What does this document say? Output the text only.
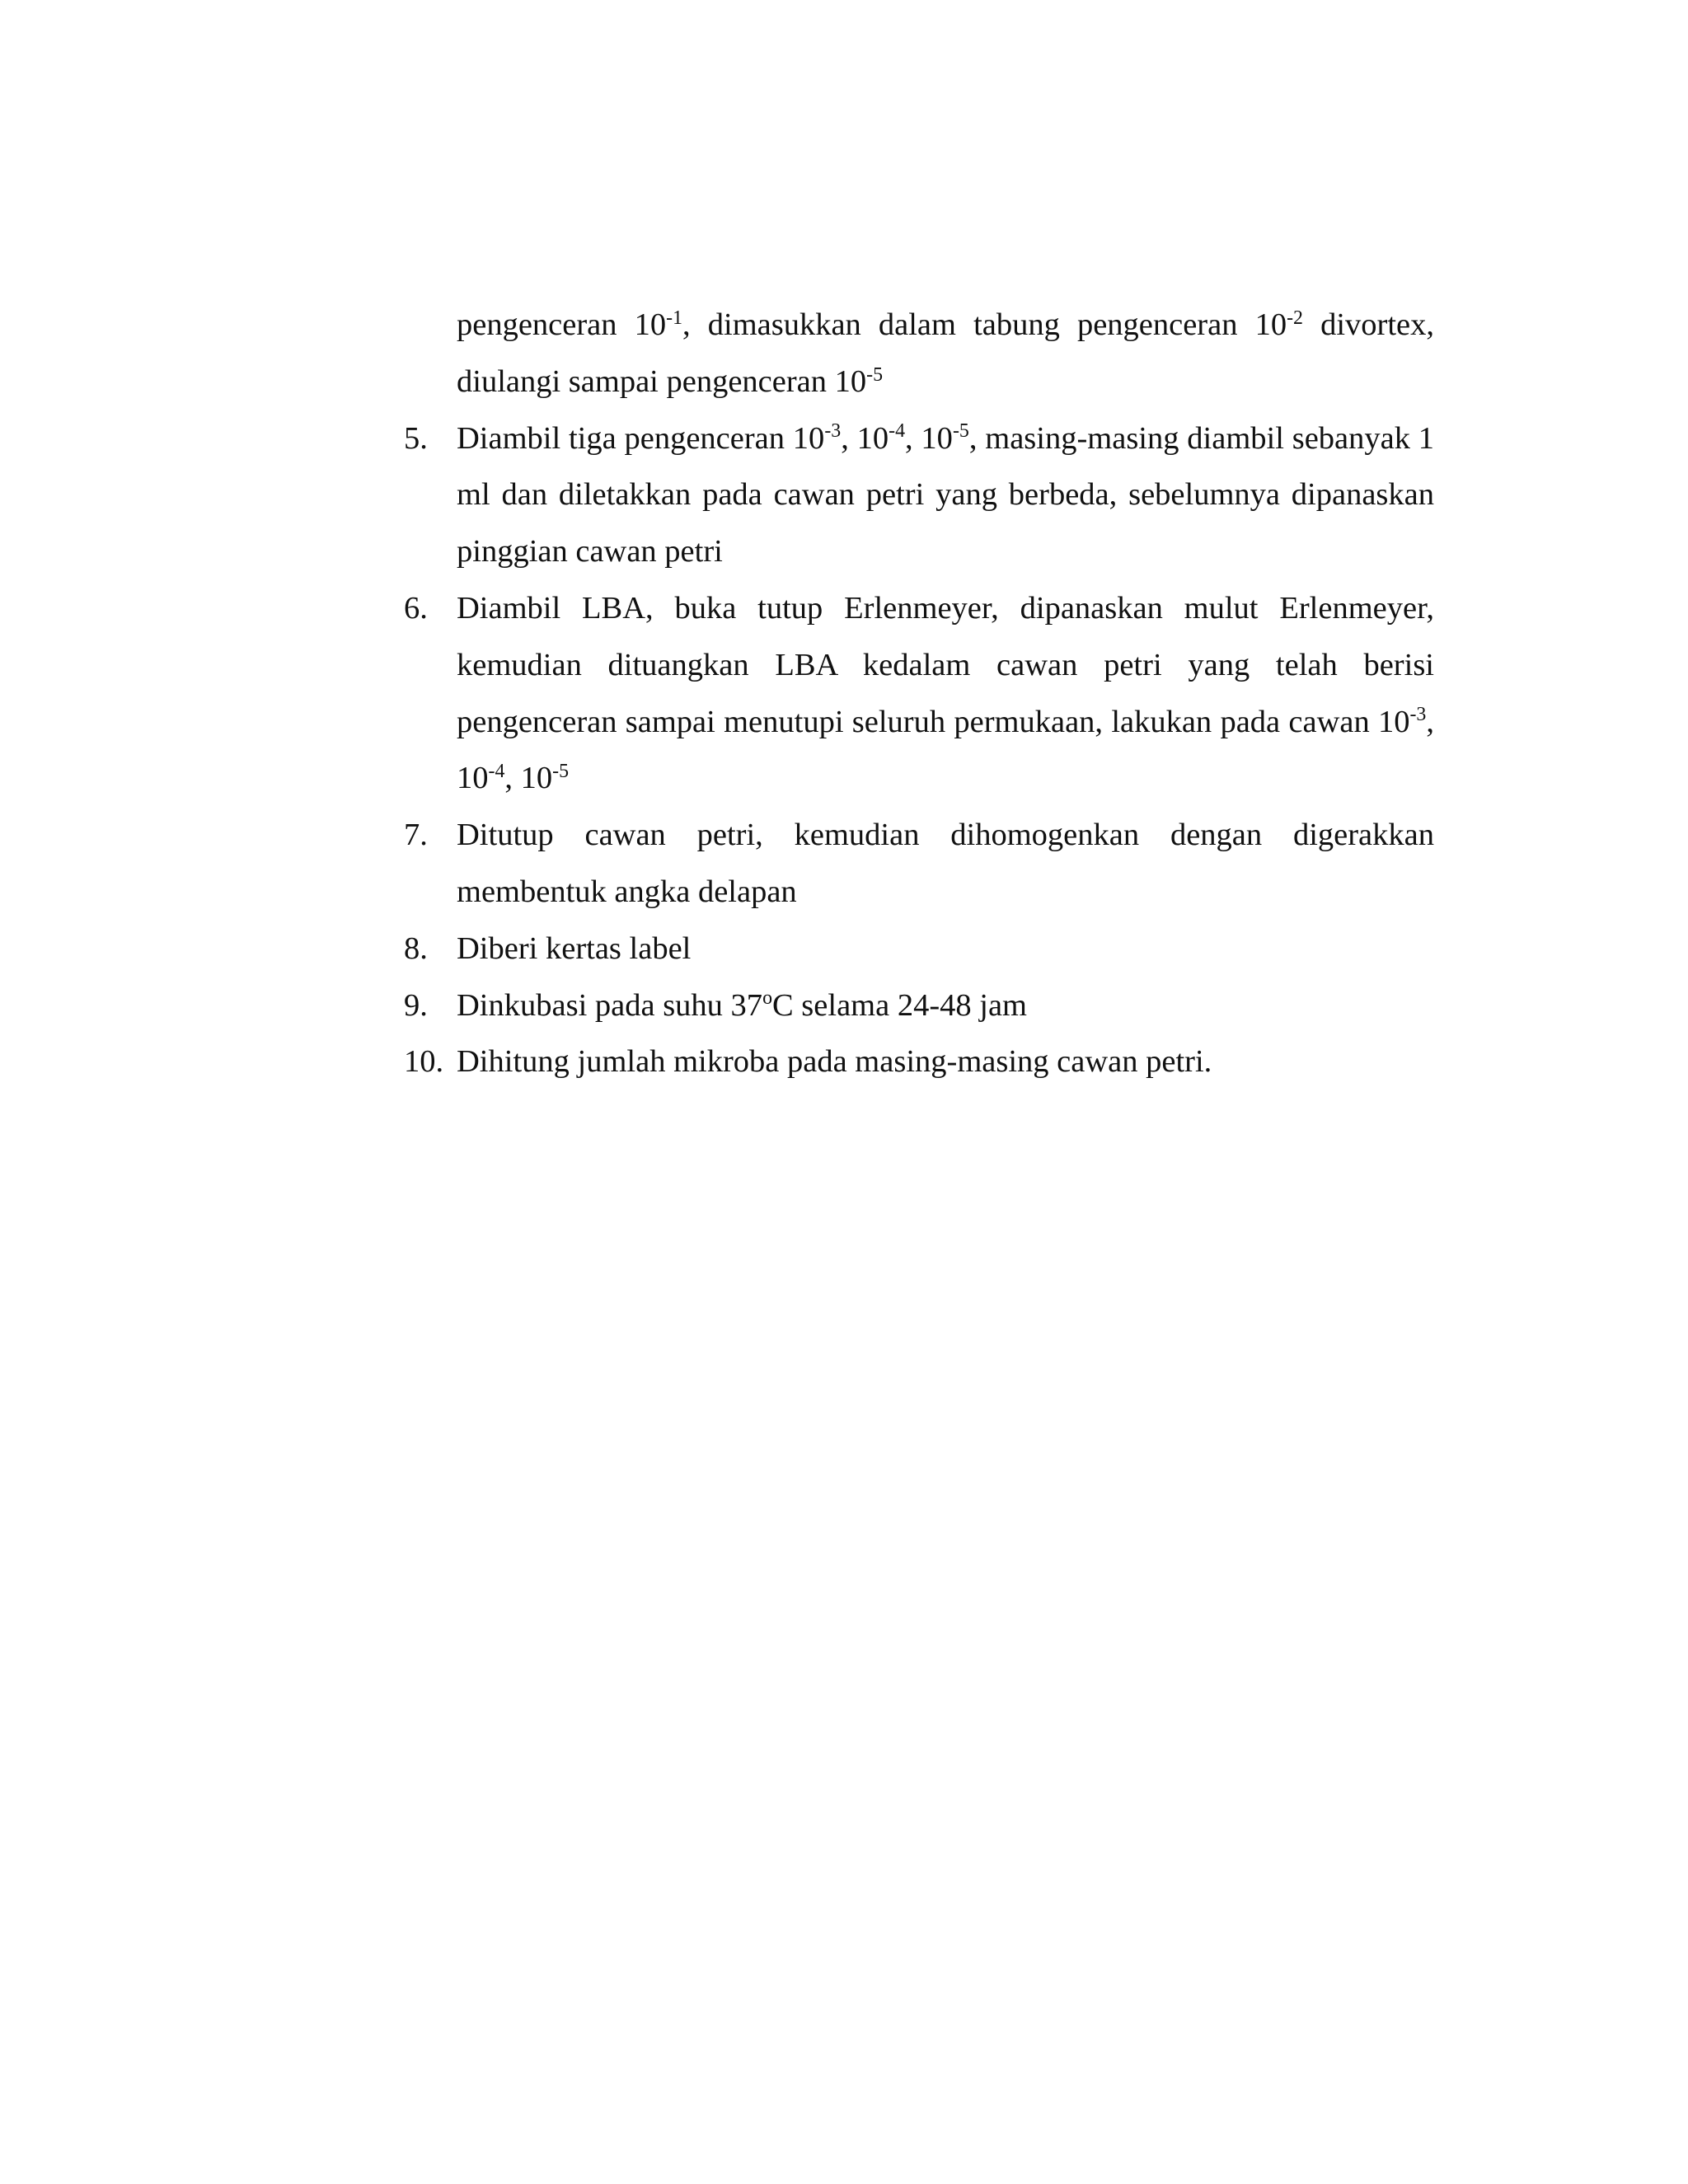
pengenceran $10^{-1}$, dimasukkan dalam tabung pengenceran $10^{-2}$ divortex, diulangi sampai pengenceran $10^{-5}$
5. Diambil tiga pengenceran $10^{-3}$, $10^{-4}$, $10^{-5}$, masing-masing diambil sebanyak 1 ml dan diletakkan pada cawan petri yang berbeda, sebelumnya dipanaskan pinggian cawan petri
6. Diambil LBA, buka tutup Erlenmeyer, dipanaskan mulut Erlenmeyer, kemudian dituangkan LBA kedalam cawan petri yang telah berisi pengenceran sampai menutupi seluruh permukaan, lakukan pada cawan $10^{-3}$, $10^{-4}$, $10^{-5}$
7. Ditutup cawan petri, kemudian dihomogenkan dengan digerakkan membentuk angka delapan
8. Diberi kertas label
9. Dinkubasi pada suhu 37$^o$C selama 24-48 jam
10. Dihitung jumlah mikroba pada masing-masing cawan petri.
